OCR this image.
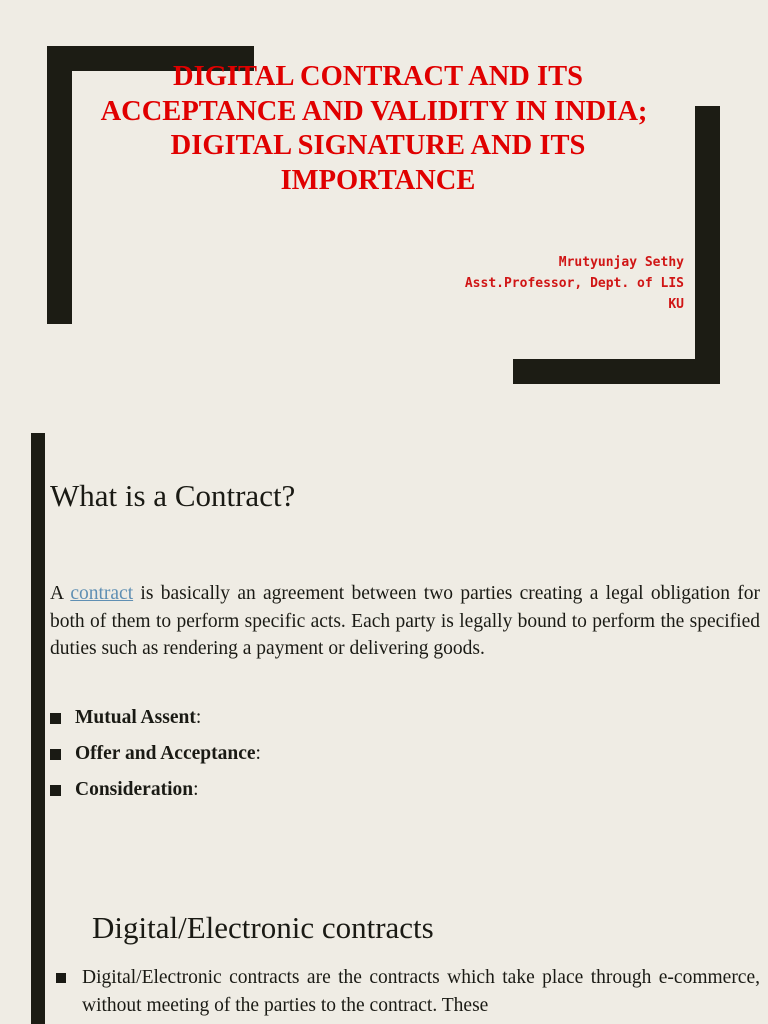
DIGITAL CONTRACT AND ITS
ACCEPTANCE AND VALIDITY IN INDIA;
DIGITAL SIGNATURE AND ITS
IMPORTANCE
Mrutyunjay Sethy
Asst.Professor, Dept. of LIS
KU
What is a Contract?

A contract is basically an agreement between two parties creating a legal obligation for both of them to perform specific acts. Each party is legally bound to perform the specified duties such as rendering a payment or delivering goods.

Mutual Assent :
Offer and Acceptance :
Consideration :
Digital/Electronic contracts

Digital/Electronic contracts are the contracts which take place through e-commerce, without meeting of the parties to the contract. These
